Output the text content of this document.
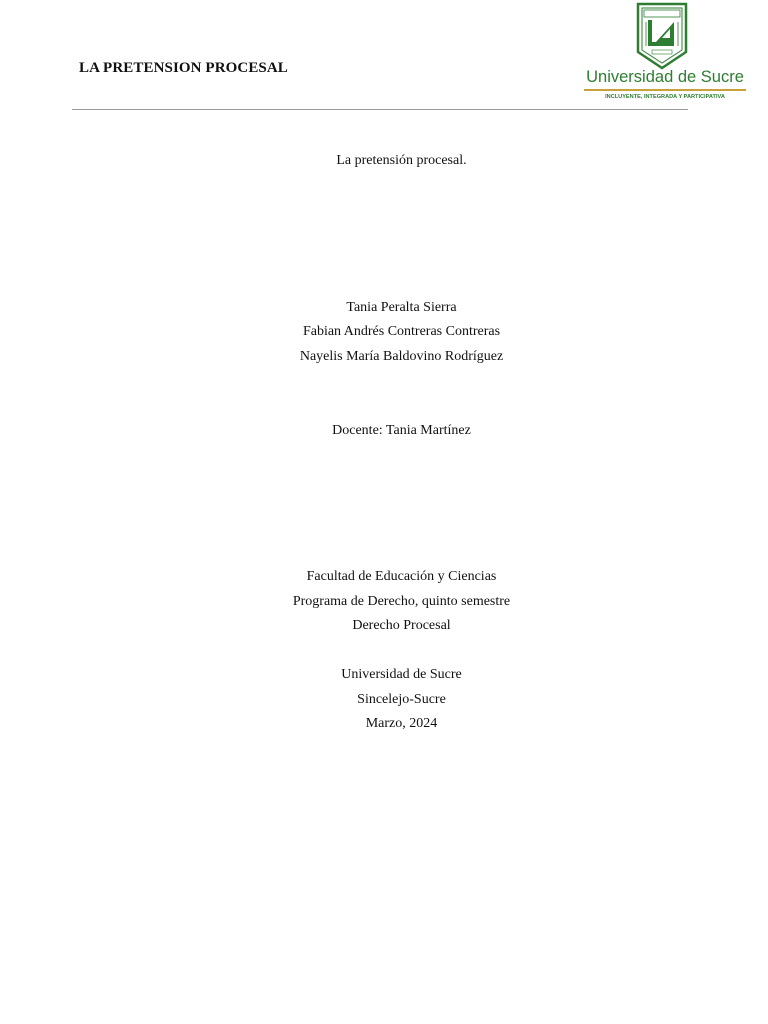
LA PRETENSION PROCESAL	Universidad de Sucre
INCLUYENTE, INTEGRADA Y PARTICIPATIVA
La pretensión procesal.
Tania Peralta Sierra
Fabian Andrés Contreras Contreras
Nayelis María Baldovino Rodríguez
Docente: Tania Martínez
Facultad de Educación y Ciencias
Programa de Derecho, quinto semestre
Derecho Procesal
Universidad de Sucre
Sincelejo-Sucre
Marzo, 2024
